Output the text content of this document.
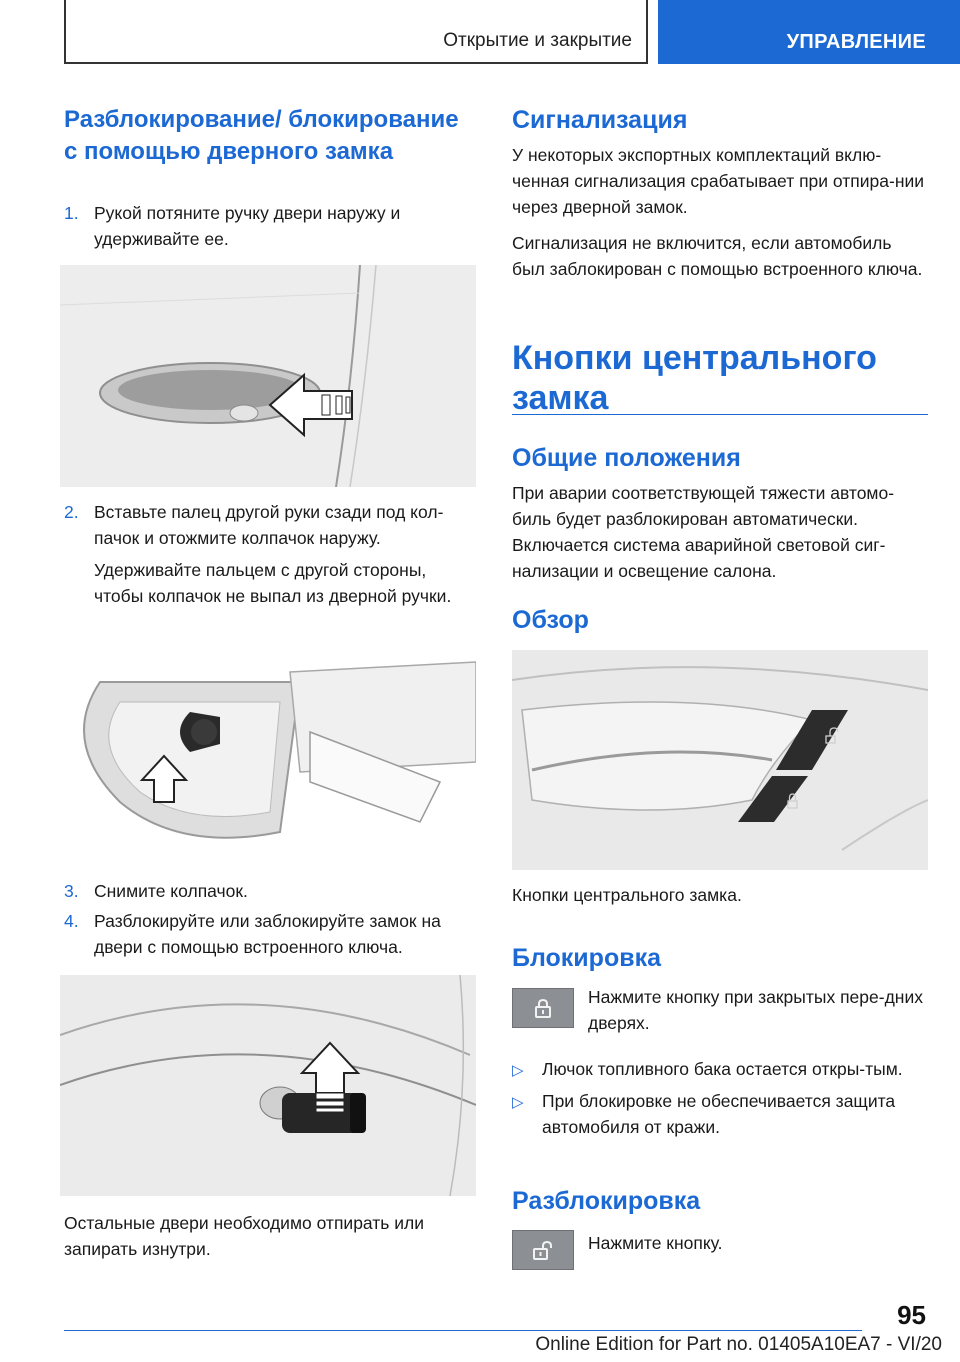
Открытие и закрытие	УПРАВЛЕНИЕ
Разблокирование/ блокирование с помощью дверного замка
1. Рукой потяните ручку двери наружу и удерживайте ее.
2. Вставьте палец другой руки сзади под кол-пачок и отожмите колпачок наружу.
Удерживайте пальцем с другой стороны, чтобы колпачок не выпал из дверной ручки.
3. Снимите колпачок.
4. Разблокируйте или заблокируйте замок на двери с помощью встроенного ключа.

Остальные двери необходимо отпирать или запирать изнутри.

Сигнализация

У некоторых экспортных комплектаций вклю-ченная сигнализация срабатывает при отпира-нии через дверной замок.

Сигнализация не включится, если автомобиль был заблокирован с помощью встроенного ключа.

Кнопки центрального замка
Общие положения

При аварии соответствующей тяжести автомо-биль будет разблокирован автоматически. Включается система аварийной световой сиг-нализации и освещение салона.

Обзор

Кнопки центрального замка.

Блокировка

Нажмите кнопку при закрытых пере-дних дверях.

▷ Лючок топливного бака остается откры-тым.
▷ При блокировке не обеспечивается защита автомобиля от кражи.
Разблокировка

Нажмите кнопку.

95
Online Edition for Part no. 01405A10EA7 - VI/20
